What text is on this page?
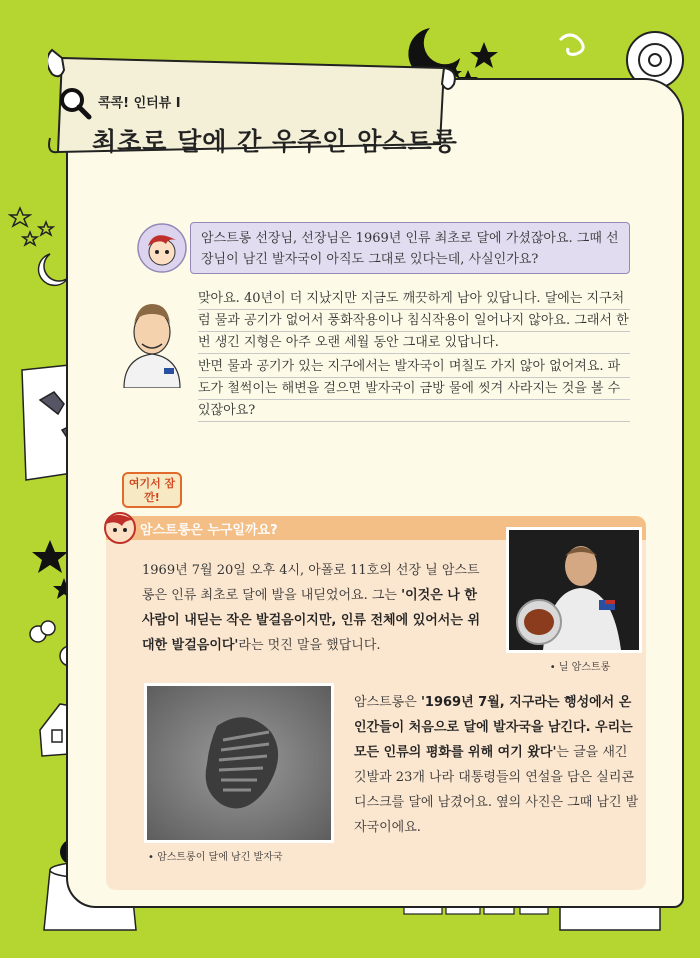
콕콕! 인터뷰 I
최초로 달에 간 우주인 암스트롱
암스트롱 선장님, 선장님은 1969년 인류 최초로 달에 가셨잖아요. 그때 선장님이 남긴 발자국이 아직도 그대로 있다는데, 사실인가요?

맞아요. 40년이 더 지났지만 지금도 깨끗하게 남아 있답니다. 달에는 지구처럼 물과 공기가 없어서 풍화작용이나 침식작용이 일어나지 않아요. 그래서 한 번 생긴 지형은 아주 오랜 세월 동안 그대로 있답니다.

반면 물과 공기가 있는 지구에서는 발자국이 며칠도 가지 않아 없어져요. 파도가 철썩이는 해변을 걸으면 발자국이 금방 물에 씻겨 사라지는 것을 볼 수 있잖아요?

여기서 잠깐!
암스트롱은 누구일까요?
1969년 7월 20일 오후 4시, 아폴로 11호의 선장 닐 암스트롱은 인류 최초로 달에 발을 내딛었어요. 그는 '이것은 나 한 사람이 내딛는 작은 발걸음이지만, 인류 전체에 있어서는 위대한 발걸음이다'라는 멋진 말을 했답니다.
• 닐 암스트롱
• 암스트롱이 달에 남긴 발자국
암스트롱은 '1969년 7월, 지구라는 행성에서 온 인간들이 처음으로 달에 발자국을 남긴다. 우리는 모든 인류의 평화를 위해 여기 왔다'는 글을 새긴 깃발과 23개 나라 대통령들의 연설을 담은 실리콘 디스크를 달에 남겼어요. 옆의 사진은 그때 남긴 발자국이에요.
